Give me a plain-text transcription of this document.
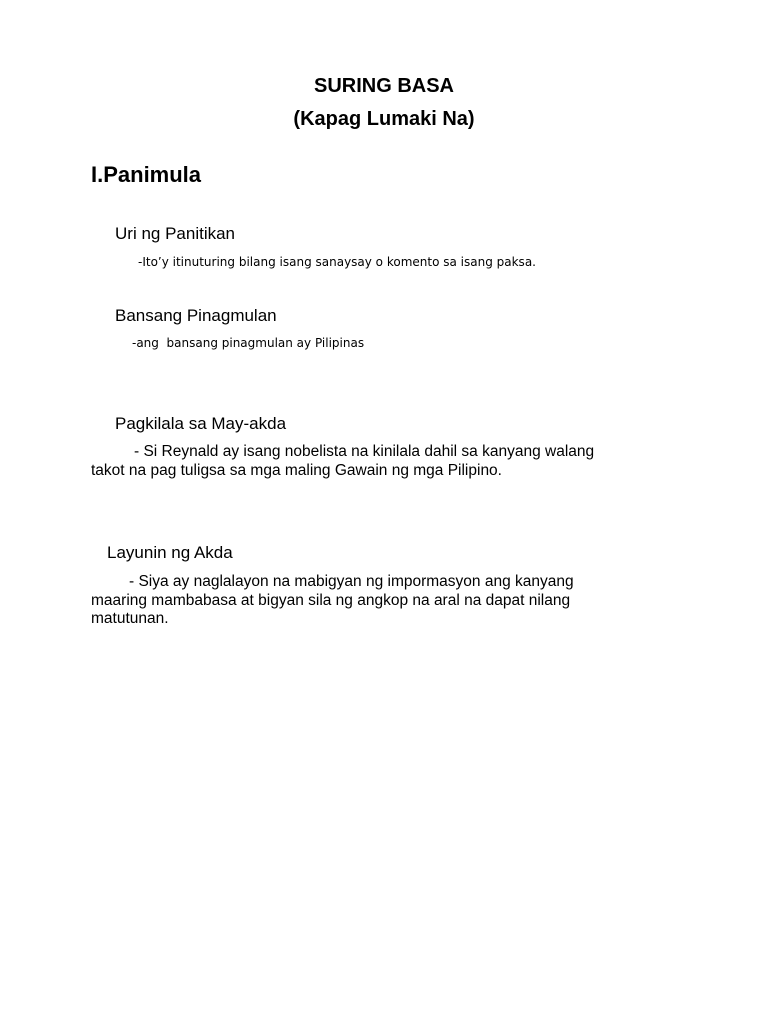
SURING BASA
(Kapag Lumaki Na)
I.Panimula
Uri ng Panitikan

-Ito’y itinuturing bilang isang sanaysay o komento sa isang paksa.

Bansang Pinagmulan

-ang  bansang pinagmulan ay Pilipinas

Pagkilala sa May-akda

- Si Reynald ay isang nobelista na kinilala dahil sa kanyang walang

takot na pag tuligsa sa mga maling Gawain ng mga Pilipino.

Layunin ng Akda

- Siya ay naglalayon na mabigyan ng impormasyon ang kanyang

maaring mambabasa at bigyan sila ng angkop na aral na dapat nilang

matutunan.
